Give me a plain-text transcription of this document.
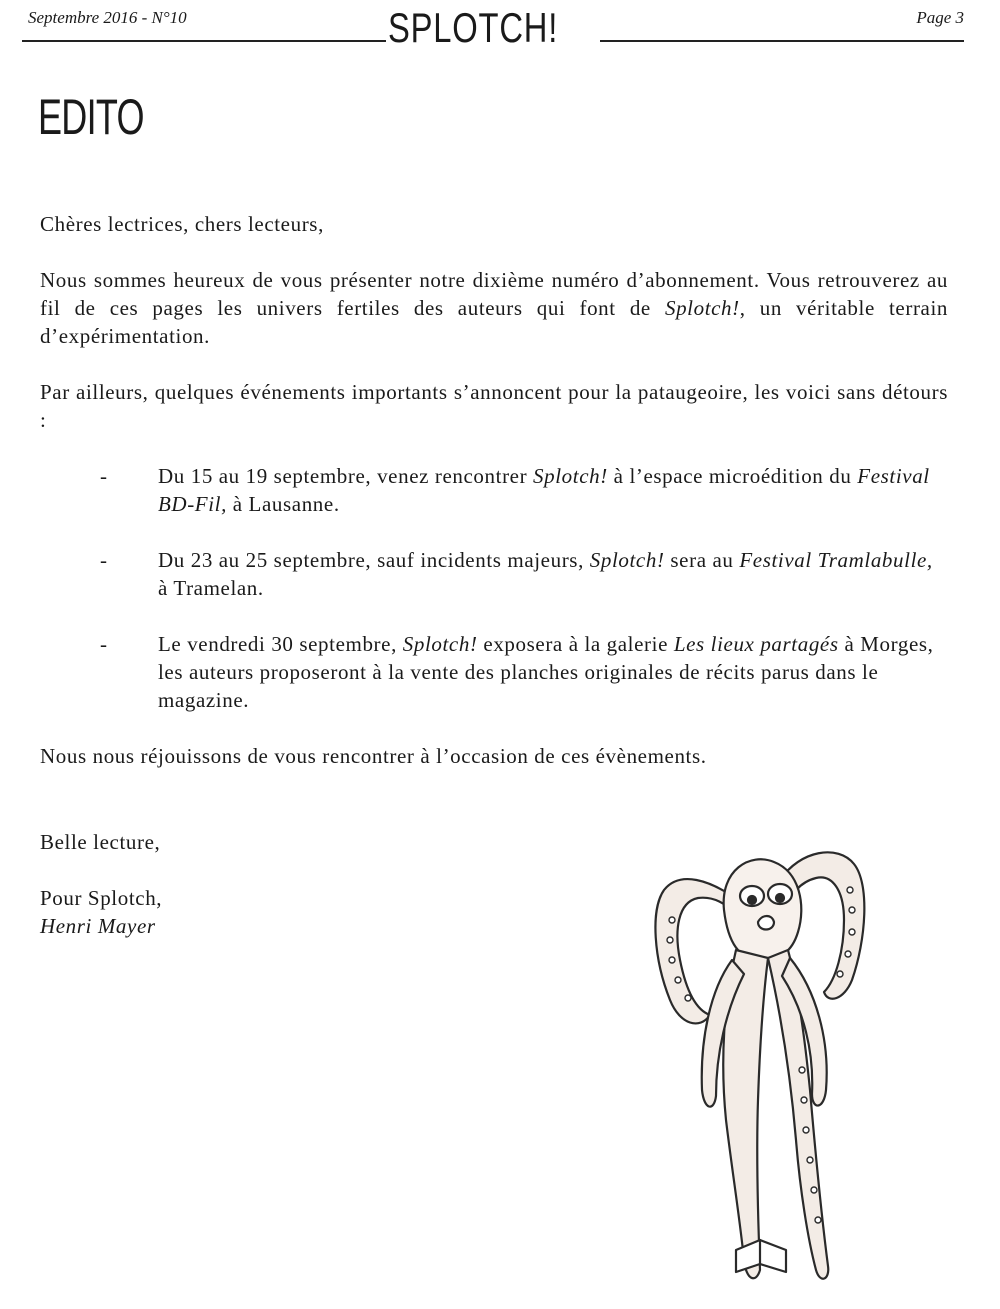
Septembre 2016 - N°10	SPLOTCH!	Page 3
EDITO

Chères lectrices, chers lecteurs,

Nous sommes heureux de vous présenter notre dixième numéro d’abonnement. Vous retrouverez au fil de ces pages les univers fertiles des auteurs qui font de Splotch!, un véritable terrain d’expérimentation.

Par ailleurs, quelques événements importants s’annoncent pour la pataugeoire, les voici sans détours :

- Du 15 au 19 septembre, venez rencontrer Splotch! à l’espace microédition du Festival BD-Fil, à Lausanne.
- Du 23 au 25 septembre, sauf incidents majeurs, Splotch! sera au Festival Tramlabulle, à Tramelan.
- Le vendredi 30 septembre, Splotch! exposera à la galerie Les lieux partagés à Morges, les auteurs proposeront à la vente des planches originales de récits parus dans le magazine.

Nous nous réjouissons de vous rencontrer à l’occasion de ces évènements.

Belle lecture,

Pour Splotch,
Henri Mayer
